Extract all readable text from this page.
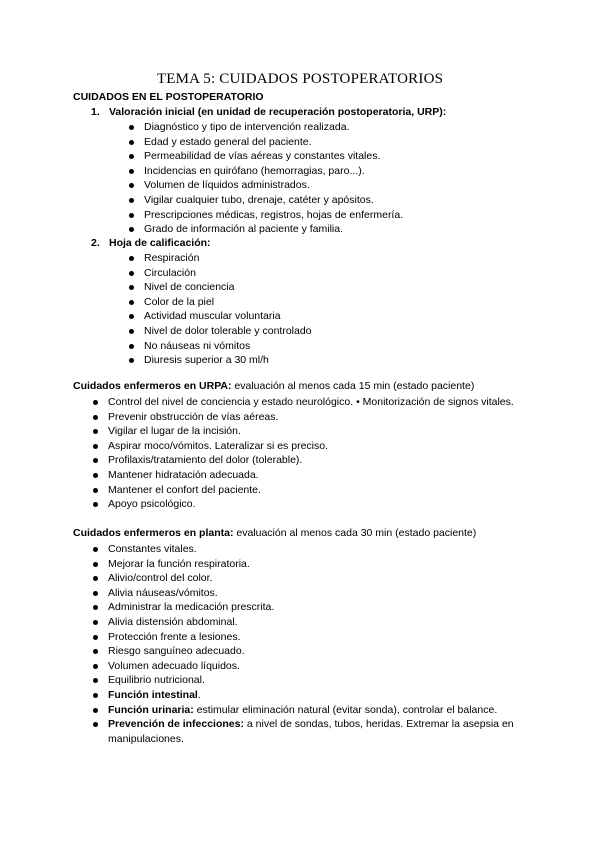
TEMA 5: CUIDADOS POSTOPERATORIOS
CUIDADOS EN EL POSTOPERATORIO
1. Valoración inicial (en unidad de recuperación postoperatoria, URP):
Diagnóstico y tipo de intervención realizada.
Edad y estado general del paciente.
Permeabilidad de vías aéreas y constantes vitales.
Incidencias en quirófano (hemorragias, paro...).
Volumen de líquidos administrados.
Vigilar cualquier tubo, drenaje, catéter y apósitos.
Prescripciones médicas, registros, hojas de enfermería.
Grado de información al paciente y familia.
2. Hoja de calificación:
Respiración
Circulación
Nivel de conciencia
Color de la piel
Actividad muscular voluntaria
Nivel de dolor tolerable y controlado
No náuseas ni vómitos
Diuresis superior a 30 ml/h
Cuidados enfermeros en URPA: evaluación al menos cada 15 min (estado paciente)
Control del nivel de conciencia y estado neurológico. • Monitorización de signos vitales.
Prevenir obstrucción de vías aéreas.
Vigilar el lugar de la incisión.
Aspirar moco/vómitos. Lateralizar si es preciso.
Profilaxis/tratamiento del dolor (tolerable).
Mantener hidratación adecuada.
Mantener el confort del paciente.
Apoyo psicológico.
Cuidados enfermeros en planta: evaluación al menos cada 30 min (estado paciente)
Constantes vitales.
Mejorar la función respiratoria.
Alivio/control del color.
Alivia náuseas/vómitos.
Administrar la medicación prescrita.
Alivia distensión abdominal.
Protección frente a lesiones.
Riesgo sanguíneo adecuado.
Volumen adecuado líquidos.
Equilibrio nutricional.
Función intestinal.
Función urinaria: estimular eliminación natural (evitar sonda), controlar el balance.
Prevención de infecciones: a nivel de sondas, tubos, heridas. Extremar la asepsia en manipulaciones.
